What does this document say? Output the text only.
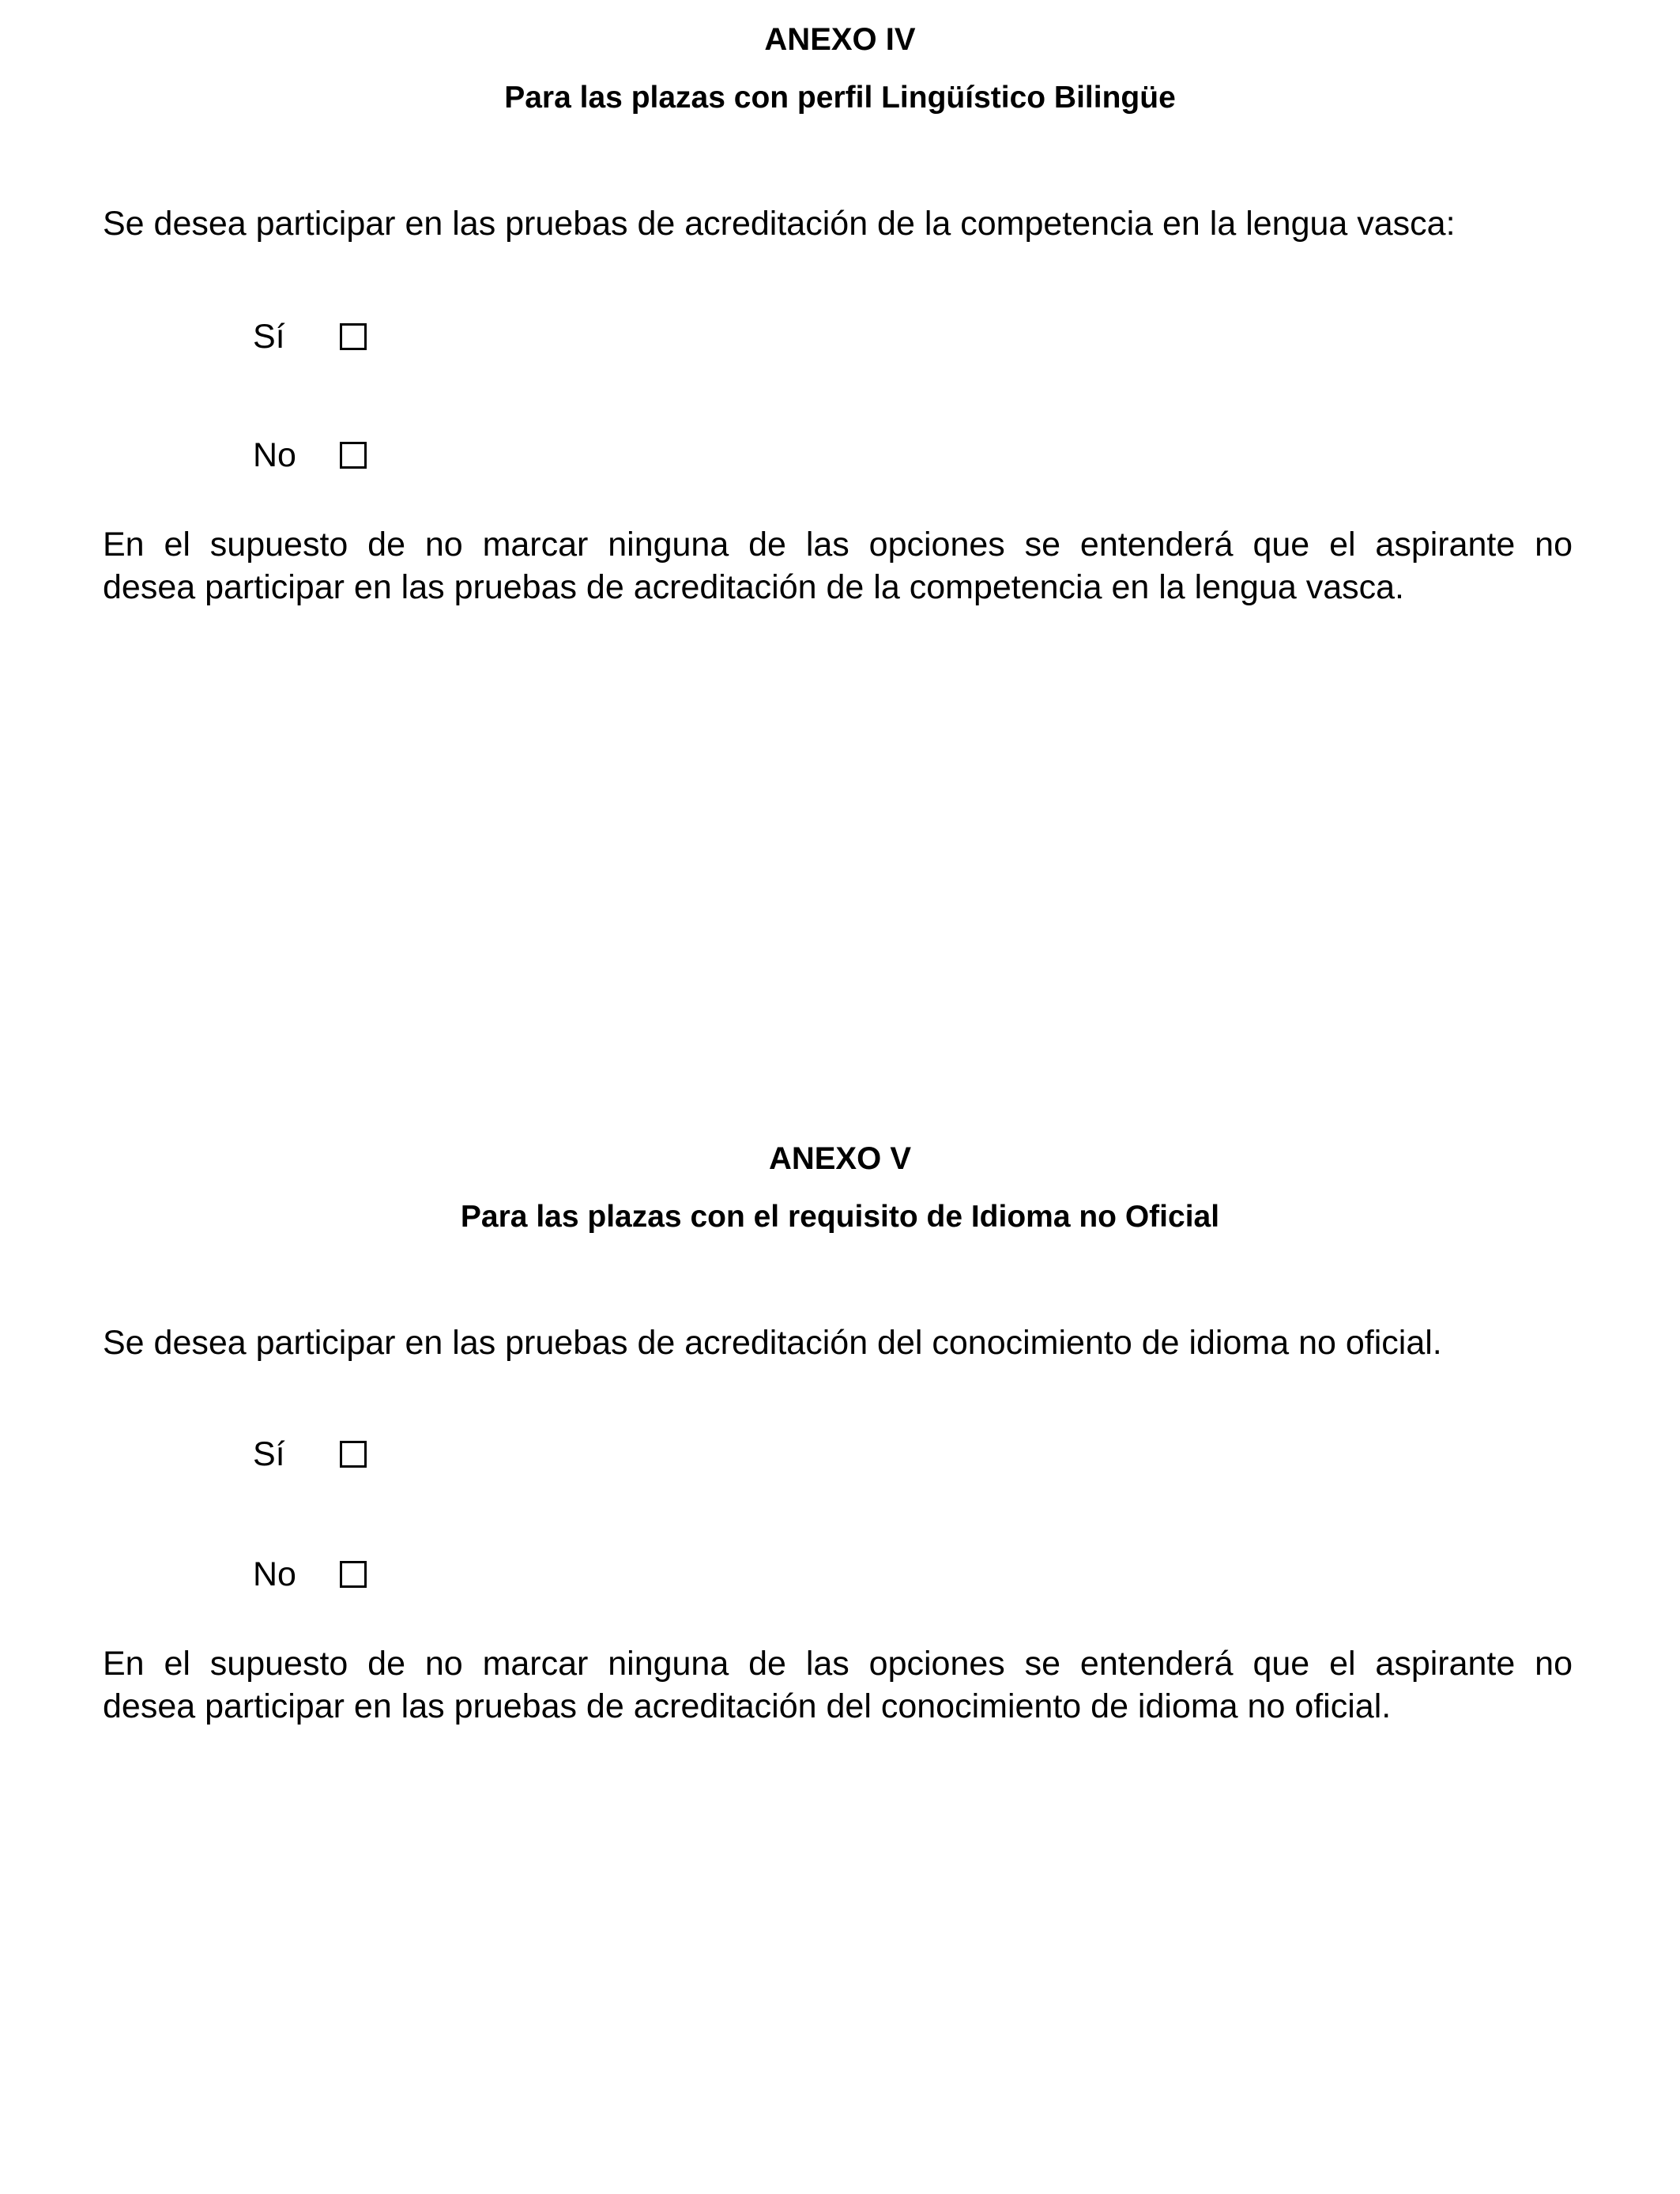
ANEXO IV
Para las plazas con perfil Lingüístico Bilingüe

Se desea participar en las pruebas de acreditación de la competencia en la lengua vasca:

Sí
No
En el supuesto de no marcar ninguna de las opciones se entenderá que el aspirante no
desea participar en las pruebas de acreditación de la competencia en la lengua vasca.
ANEXO V
Para las plazas con el requisito de Idioma no Oficial

Se desea participar en las pruebas de acreditación del conocimiento de idioma no oficial.

Sí
No
En el supuesto de no marcar ninguna de las opciones se entenderá que el aspirante no
desea participar en las pruebas de acreditación del conocimiento de idioma no oficial.
